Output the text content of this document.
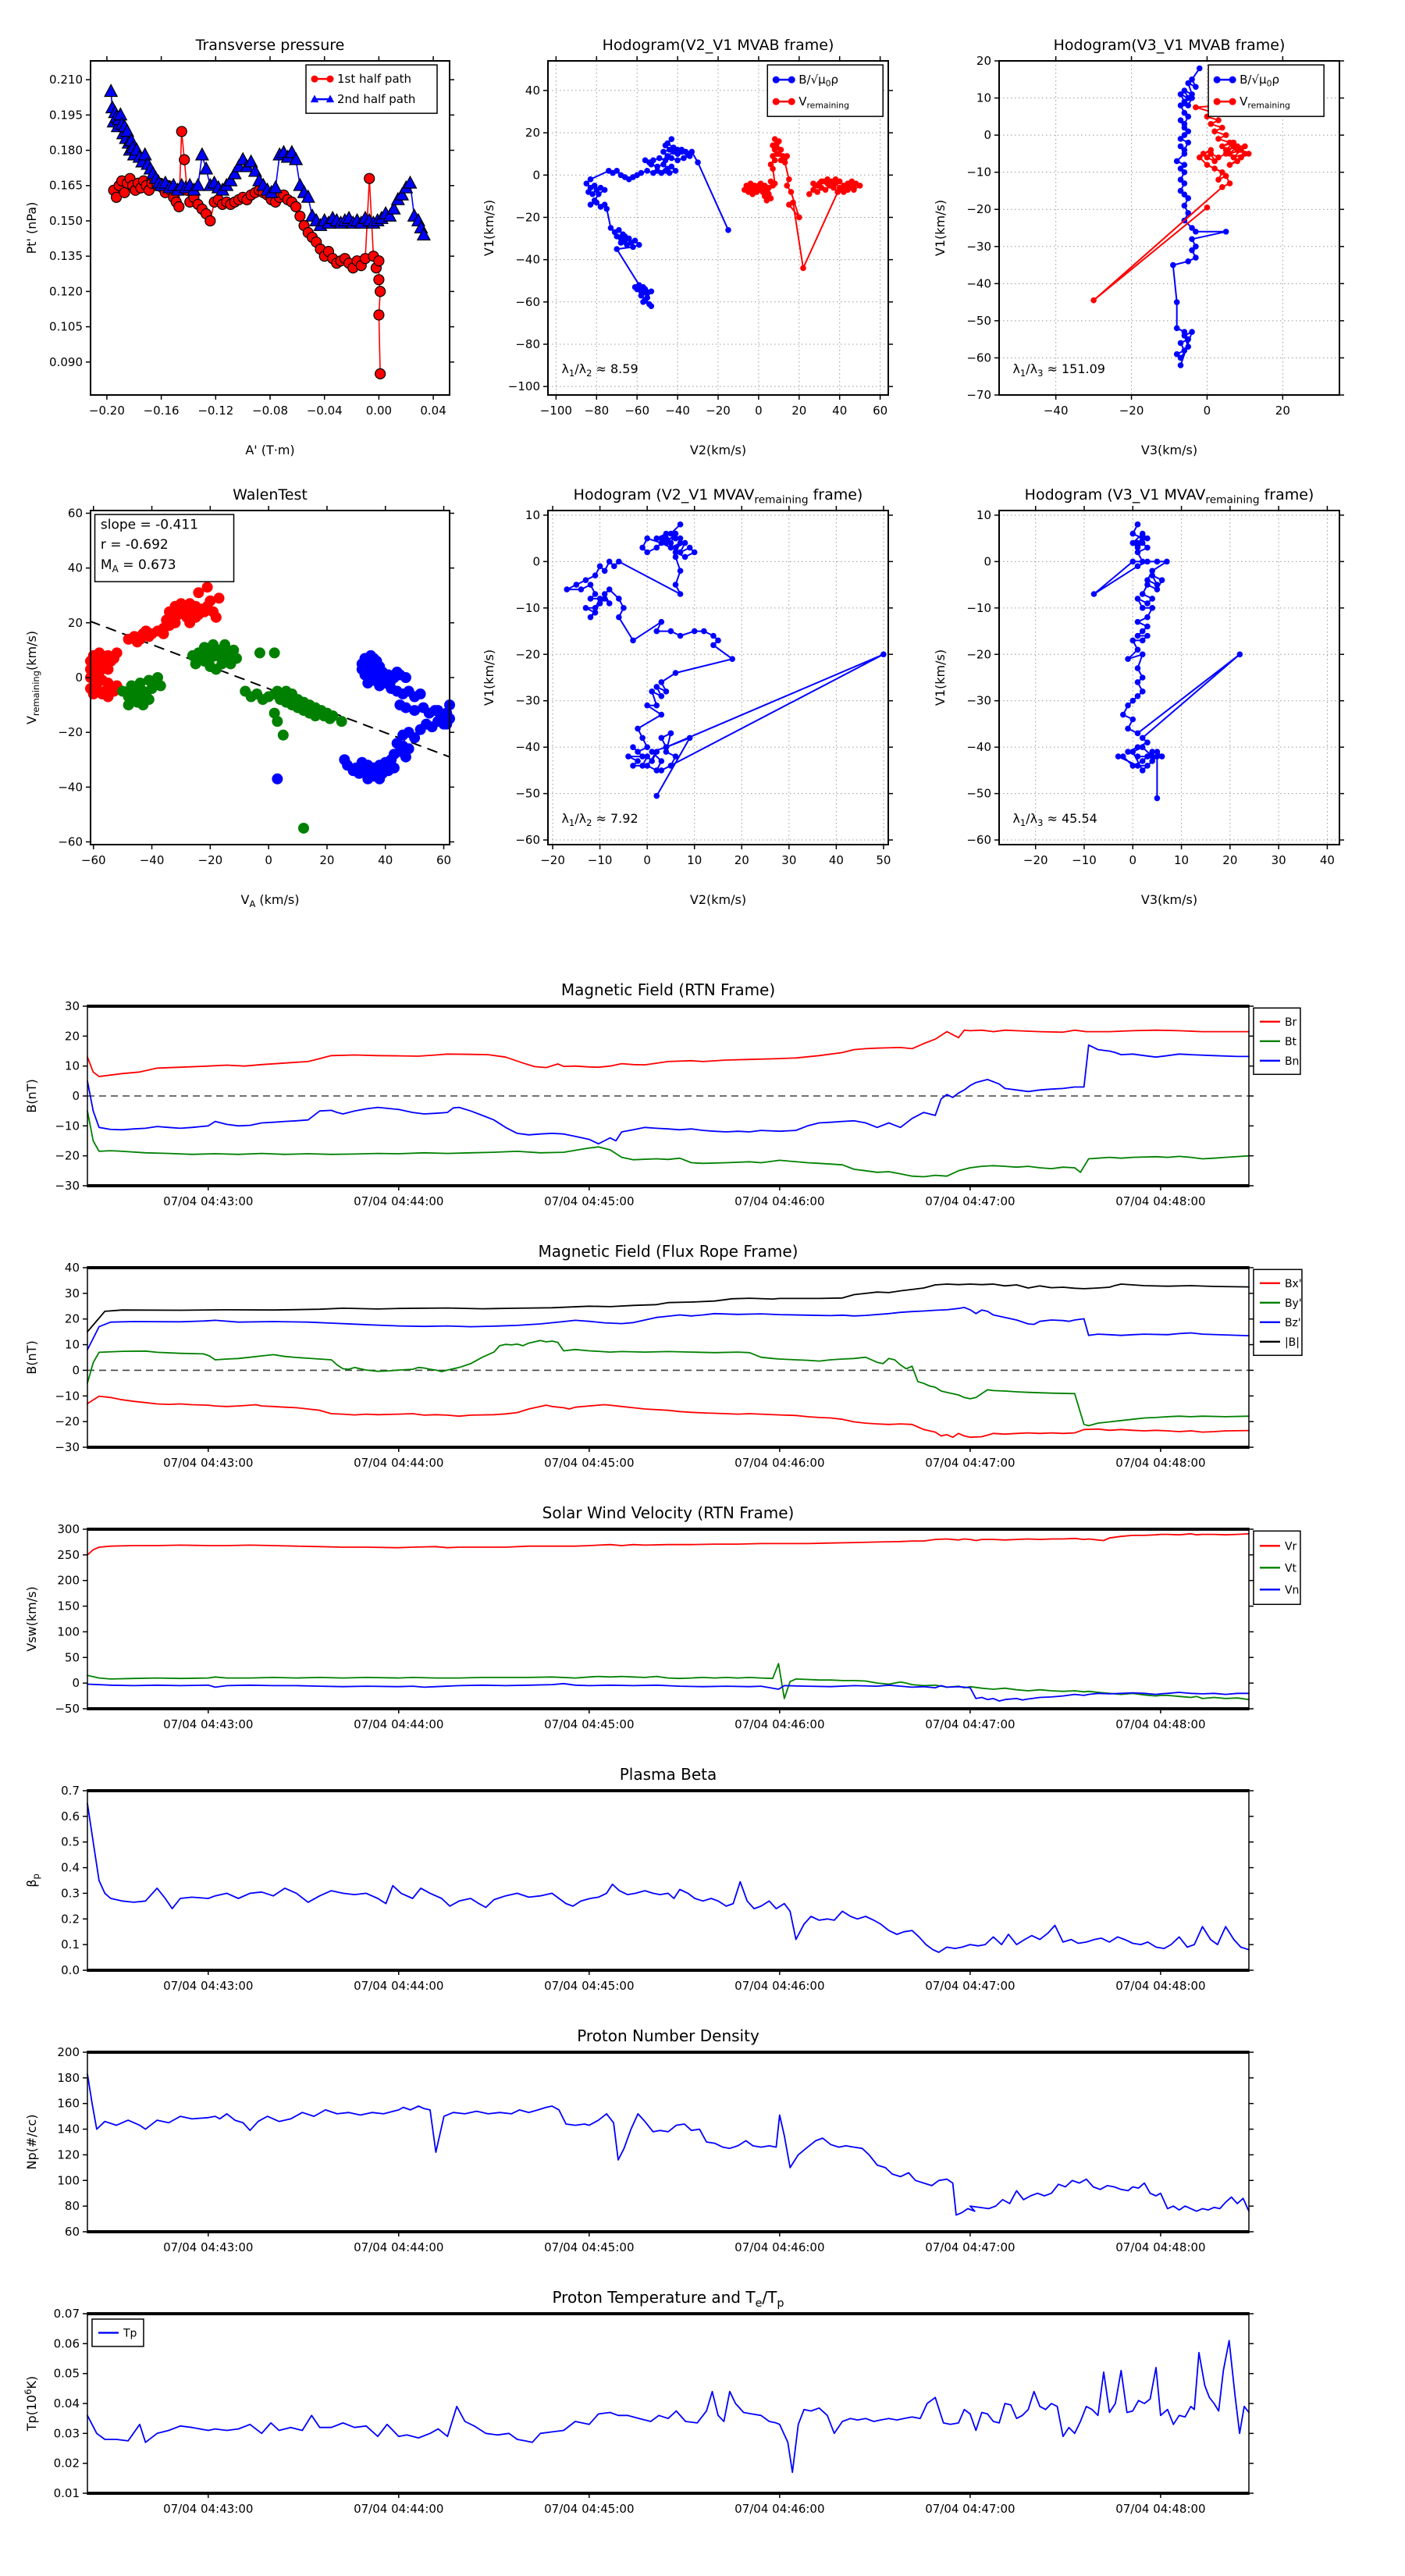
−0.20 −0.16 −0.12 −0.08 −0.04 0.00 0.04
0.090
0.105
0.120
0.135
0.150
0.165
0.180
0.195
0.210
Transverse pressure
A' (T·m)
Pt' (nPa)
1st half path
2nd half path
−100 −80 −60 −40 −20 0	20 40 60
−100
−80
−60
−40
−20
0
20
40
Hodogram(V2_V1 MVAB frame)
V2(km/s)
V1(km/s)
$B/√\mu_0\rho$
$V_{remaining}$
$\lambda_1/\lambda_2 \approx 8.59$
−40	−20	0	20
−70
−60
−50
−40
−30
−20
−10
0
10
20
Hodogram(V3_V1 MVAB frame)
V3(km/s)
V1(km/s)
$B/√\mu_0\rho$
$V_{remaining}$
$\lambda_1/\lambda_3 \approx 151.09$
−60	−40	−20	0	20	40	60
−60
−40
−20
0
20
40
60
WalenTest
$V_A$ (km/s)
$V_{remaining}(km/s)$
slope = -0.411
r = -0.692
$M_A = 0.673$
−20 −10	0	10	20	30	40	50
−60
−50
−40
−30
−20
−10
0
10
Hodogram (V2_V1 $MVAV_{remaining}$ frame)
V2(km/s)
V1(km/s)
$\lambda_1/\lambda_2 \approx 7.92$
−20 −10	0	10	20	30	40
−60
−50
−40
−30
−20
−10
0
10
Hodogram (V3_V1 $MVAV_{remaining}$ frame)
V3(km/s)
V1(km/s)
$\lambda_1/\lambda_3 \approx 45.54$
07/04 04:43:00	07/04 04:44:00	07/04 04:45:00	07/04 04:46:00	07/04 04:47:00	07/04 04:48:00
−30
−20
−10
0
10
20
30
Magnetic Field (RTN Frame)
B(nT)
Br
Bt
Bn
07/04 04:43:00	07/04 04:44:00	07/04 04:45:00	07/04 04:46:00	07/04 04:47:00	07/04 04:48:00
−30
−20
−10
0
10
20
30
40
Magnetic Field (Flux Rope Frame)
B(nT)
Bx'
By'
Bz'
|B|
07/04 04:43:00	07/04 04:44:00	07/04 04:45:00	07/04 04:46:00	07/04 04:47:00	07/04 04:48:00
−50
0
50
100
150
200
250
300
Solar Wind Velocity (RTN Frame)
Vsw(km/s)
Vr
Vt
Vn
07/04 04:43:00	07/04 04:44:00	07/04 04:45:00	07/04 04:46:00	07/04 04:47:00	07/04 04:48:00
0.0
0.1
0.2
0.3
0.4
0.5
0.6
0.7
Plasma Beta
$\beta_p$
07/04 04:43:00	07/04 04:44:00	07/04 04:45:00	07/04 04:46:00	07/04 04:47:00	07/04 04:48:00
60
80
100
120
140
160
180
200
Proton Number Density
Np(#/cc)
07/04 04:43:00	07/04 04:44:00	07/04 04:45:00	07/04 04:46:00	07/04 04:47:00	07/04 04:48:00
0.01
0.02
0.03
0.04
0.05
0.06
0.07
Proton Temperature and $T_e/T_p$
$Tp(10^6K)$
Tp
